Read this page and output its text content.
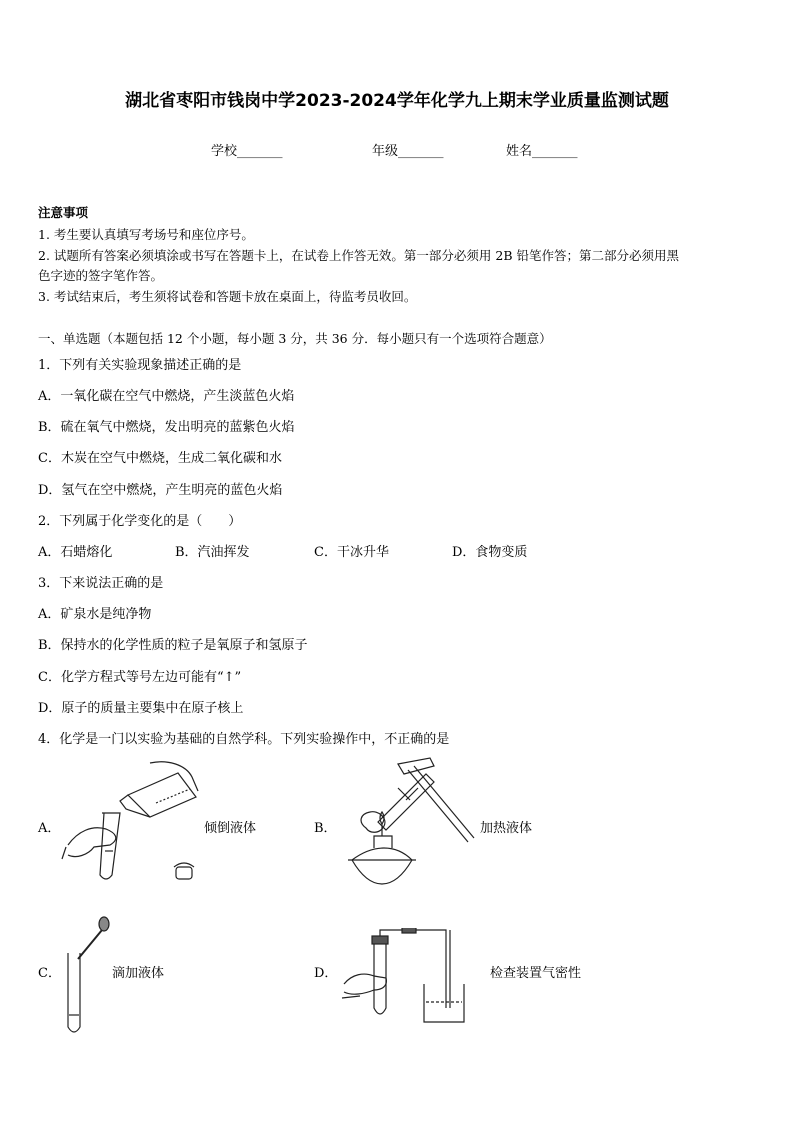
湖北省枣阳市钱岗中学2023-2024学年化学九上期末学业质量监测试题
学校_______	年级_______	姓名_______
注意事项
1. 考生要认真填写考场号和座位序号。
2. 试题所有答案必须填涂或书写在答题卡上，在试卷上作答无效。第一部分必须用 2B 铅笔作答；第二部分必须用黑
色字迹的签字笔作答。
3. 考试结束后，考生须将试卷和答题卡放在桌面上，待监考员收回。
一、单选题（本题包括 12 个小题，每小题 3 分，共 36 分．每小题只有一个选项符合题意）
1．下列有关实验现象描述正确的是
A．一氧化碳在空气中燃烧，产生淡蓝色火焰
B．硫在氧气中燃烧，发出明亮的蓝紫色火焰
C．木炭在空气中燃烧，生成二氧化碳和水
D．氢气在空中燃烧，产生明亮的蓝色火焰
2．下列属于化学变化的是（　　）
A．石蜡熔化	B．汽油挥发	C．干冰升华	D．食物变质
3．下来说法正确的是
A．矿泉水是纯净物
B．保持水的化学性质的粒子是氧原子和氢原子
C．化学方程式等号左边可能有“↑”
D．原子的质量主要集中在原子核上
4．化学是一门以实验为基础的自然学科。下列实验操作中，不正确的是
A．	倾倒液体	B．	加热液体
C．	滴加液体	D．	检查装置气密性
